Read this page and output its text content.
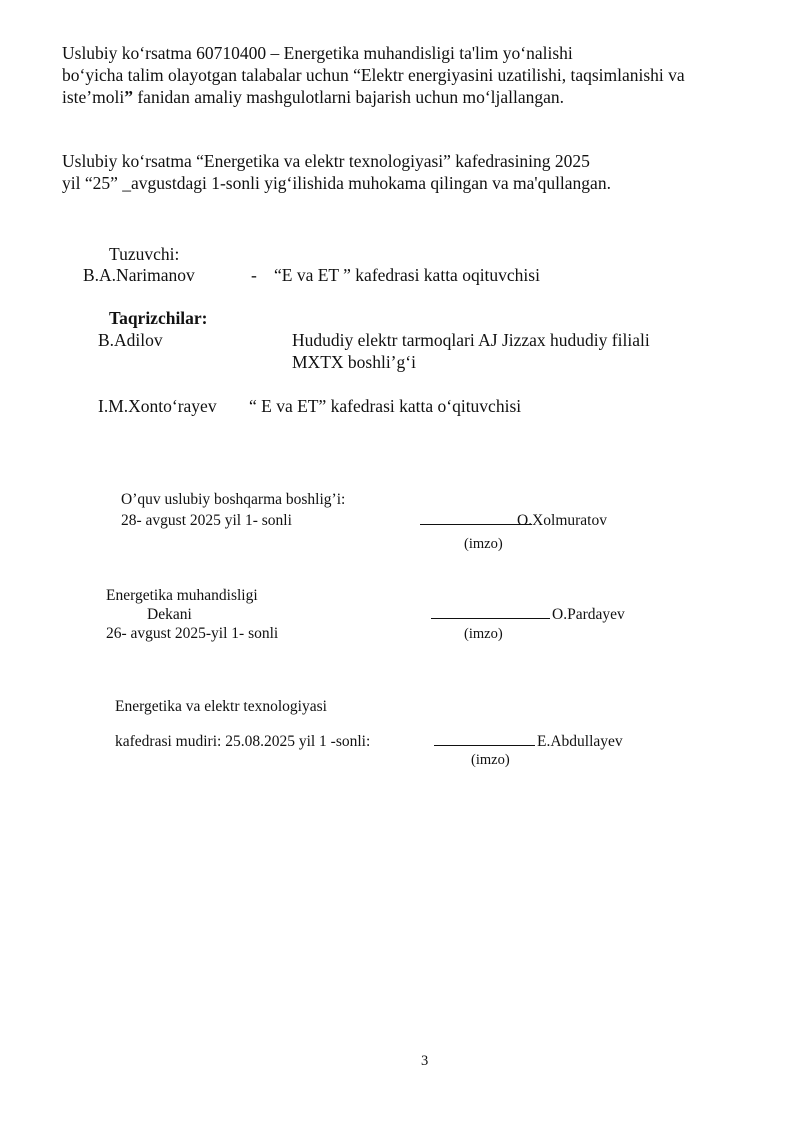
Uslubiy ko‘rsatma 60710400 – Energetika muhandisligi ta'lim yo‘nalishi
bo‘yicha talim olayotgan talabalar uchun “Elektr energiyasini uzatilishi, taqsimlanishi va
iste’moli” fanidan amaliy mashgulotlarni bajarish uchun mo‘ljallangan.
Uslubiy ko‘rsatma “Energetika va elektr texnologiyasi” kafedrasining 2025
yil “25” _avgustdagi 1-sonli yig‘ilishida muhokama qilingan va ma'qullangan.
Tuzuvchi:
B.A.Narimanov	- “E va ET ” kafedrasi katta oqituvchisi
Taqrizchilar:
B.Adilov	Hududiy elektr tarmoqlari AJ Jizzax hududiy filiali
MXTX boshli’g‘i
I.M.Xonto‘rayev “ E va ET” kafedrasi katta o‘qituvchisi
O’quv uslubiy boshqarma boshlig’i:
28- avgust 2025 yil 1- sonli	O.Xolmuratov
(imzo)
Energetika muhandisligi
Dekani
26- avgust 2025-yil 1- sonli
O.Pardayev
(imzo)
Energetika va elektr texnologiyasi
kafedrasi mudiri: 25.08.2025 yil 1 -sonli:	E.Abdullayev
(imzo)
3
